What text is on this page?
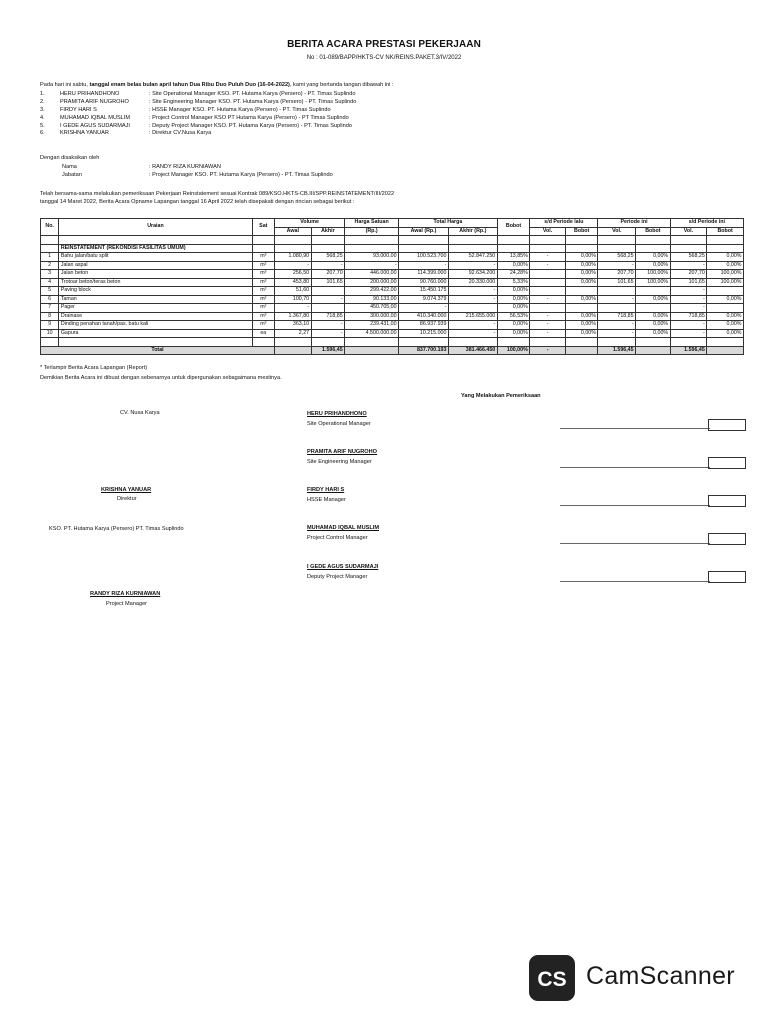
BERITA ACARA PRESTASI PEKERJAAN
No : 01-089/BAPP/HKTS-CV NK/REINS.PAKET.3/IV/2022
Pada hari ini sabtu, tanggal enam belas bulan april tahun Dua Ribu Duo Puluh Duo (16-04-2022), kami yang bertanda tangan dibawah ini :
1.	HERU PRIHANDHONO	: Site Operational Manager KSO. PT. Hutama Karya (Persero) - PT. Timas Suplindo
2.	PRAMITA ARIF NUGROHO	: Site Engineering Manager KSO. PT. Hutama Karya (Persero) - PT. Timas Suplindo
3.	FIRDY HARI S	: HSSE Manager KSO. PT. Hutama Karya (Persero) - PT. Timas Suplindo
4.	MUHAMAD IQBAL MUSLIM	: Project Control Manager KSO PT Hutama Karya (Persero) - PT Timas Suplindo
5.	I GEDE AGUS SUDARMAJI	: Deputy Project Manager KSO. PT. Hutama Karya (Persero) - PT. Timas Suplindo
6.	KRISHNA YANUAR	: Direktur CV.Nusa Karya
Dengan disaksikan oleh
Nama	: RANDY RIZA KURNIAWAN
Jabatan	: Project Manager KSO. PT. Hutama Karya (Persero) - PT. Timas Suplindo
Telah bersama-sama melakukan pemeriksaan Pekerjaan Reinstatement sesuai Kontrak 089/KSO.HKTS-CB.III/SPP.REINSTATEMENT/III/2022
tanggal 14 Maret 2022, Berita Acara Opname Lapangan tanggal 16 April 2022 telah disepakati dengan rincian sebagai berikut :
No.	Uraian	Sat	Volume		Harga Satuan	Total Harga		Bobot	s/d Periode lalu		Periode ini		s/d Periode ini	
			Awal	Akhir	(Rp.)	Awal (Rp.)	Akhir (Rp.)		Vol.	Bobot	Vol.	Bobot	Vol.	Bobot

	REINSTATEMENT (REKONDISI FASILITAS UMUM)													
1	Bahu jalan/batu split	m³	1.080,90	568,25	93.000,00	100.523.700	52.847.250	13,85%	-	0,00%	568,25	0,00%	568,25	0,00%
2	Jalan aspal	m²	-	-	-	-	-	0,00%	-	0,00%	-	0,00%	-	0,00%
3	Jalan beton	m³	256,50	207,70	446.000,00	114.399.000	92.634.200	24,28%		0,00%	207,70	100,00%	207,70	100,00%
4	Trotoar beton/teras beton	m³	453,80	101,65	200.000,00	90.760.000	20.330.000	5,33%		0,00%	101,65	100,00%	101,65	100,00%
5	Paving block	m²	51,60		299.422,00	15.450.175	-	0,00%					-	
6	Taman	m²	100,70	-	90.133,00	9.074.379	-	0,00%	-	0,00%	-	0,00%	-	0,00%
7	Pager	m²	-		450.705,00	-		0,00%					-	
8	Drainase	m³	1.367,80	718,85	300.000,00	410.340.000	215.655.000	56,53%	-	0,00%	718,85	0,00%	718,85	0,00%
9	Dinding penahan tanah/pas. batu kali	m³	363,10	-	239.431,00	86.937.939	-	0,00%	-	0,00%	-	0,00%	-	0,00%
10	Gapura	ea	2,27	-	4.500.000,00	10.215.000	-	0,00%	-	0,00%	-	0,00%	-	0,00%

Total				1.596,45		837.700.193	381.466.450	100,00%	-		1.596,45		1.596,45	
* Terlampir Berita Acara Lapangan (Report)
Demikian Berita Acara ini dibuat dengan sebenarnya untuk dipergunakan sebagaimana mestinya.
Yang Melakukan Pemeriksaan
CV. Nusa Karya
KRISHNA YANUAR
Direktur
KSO. PT. Hutama Karya (Persero) PT. Timas Suplindo
RANDY RIZA KURNIAWAN
Project Manager
HERU PRIHANDHONO
Site Operational Manager
PRAMITA ARIF NUGROHO
Site Engineering Manager
FIRDY HARI S
HSSE Manager
MUHAMAD IQBAL MUSLIM
Project Control Manager
I GEDE AGUS SUDARMAJI
Deputy Project Manager
CS CamScanner
